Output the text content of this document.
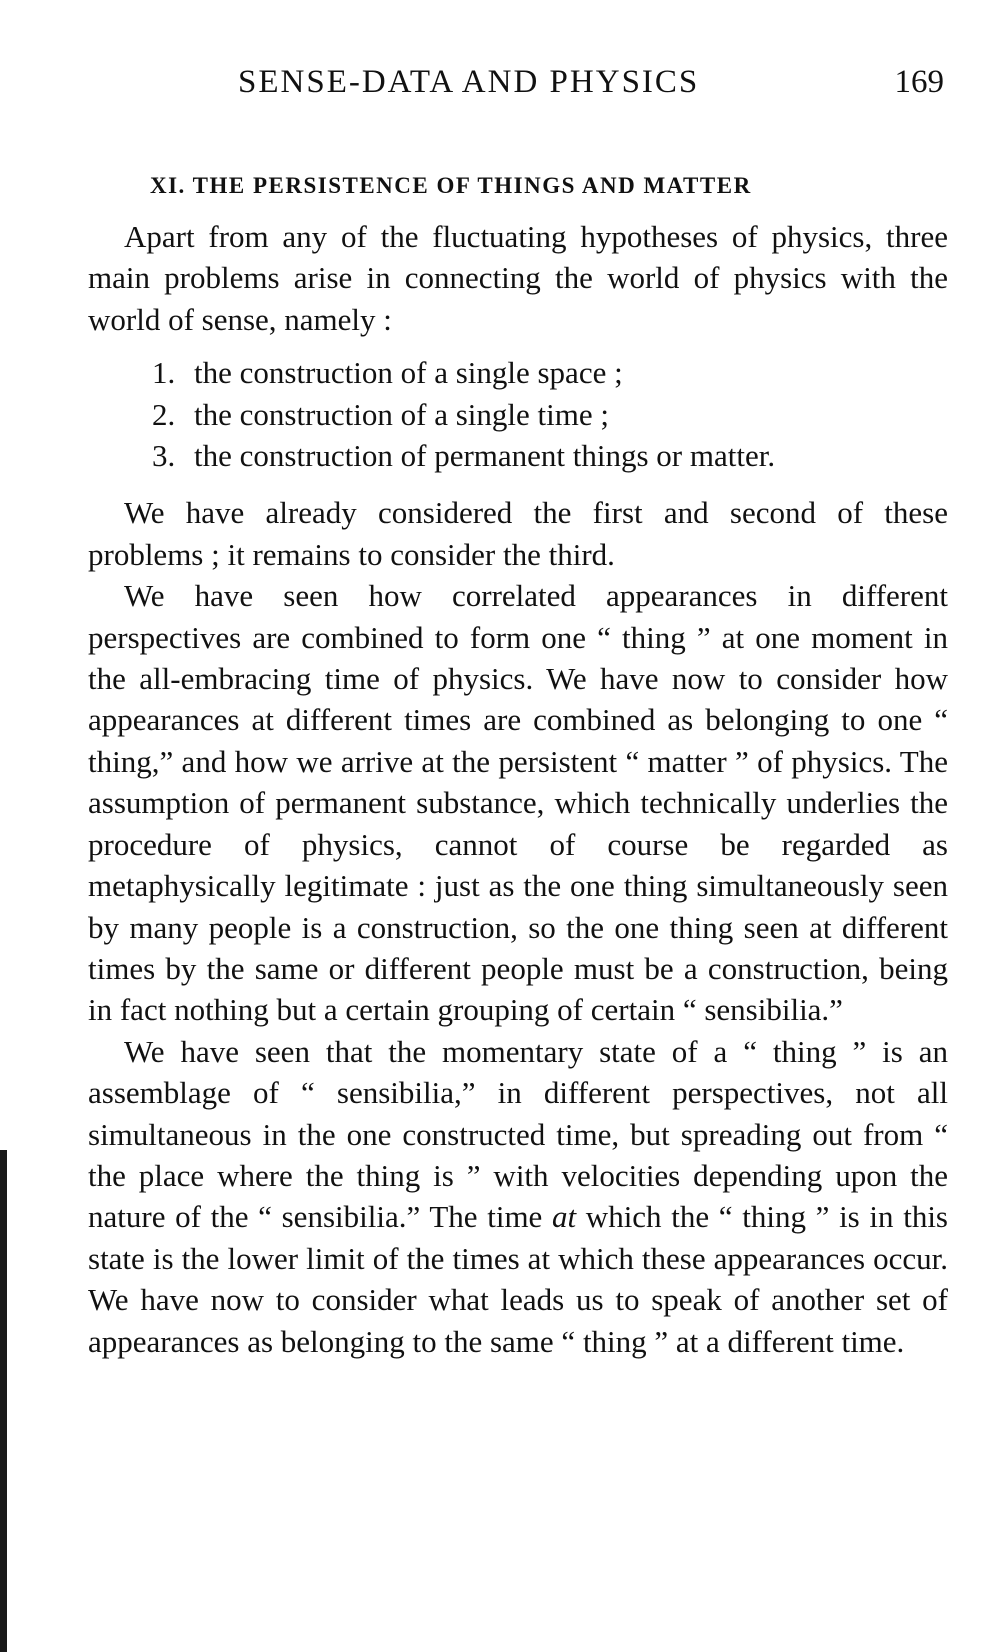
SENSE-DATA AND PHYSICS	169
XI. THE PERSISTENCE OF THINGS AND MATTER

Apart from any of the fluctuating hypotheses of physics, three main problems arise in connecting the world of physics with the world of sense, namely :

1. the construction of a single space ;
2. the construction of a single time ;
3. the construction of permanent things or matter.

We have already considered the first and second of these problems ; it remains to consider the third.

We have seen how correlated appearances in different perspectives are combined to form one “ thing ” at one moment in the all-embracing time of physics. We have now to consider how appearances at different times are combined as belonging to one “ thing,” and how we arrive at the persistent “ matter ” of physics. The assumption of permanent substance, which technically underlies the procedure of physics, cannot of course be regarded as metaphysically legitimate : just as the one thing simultaneously seen by many people is a construction, so the one thing seen at different times by the same or different people must be a construction, being in fact nothing but a certain grouping of certain “ sensibilia.”

We have seen that the momentary state of a “ thing ” is an assemblage of “ sensibilia,” in different perspectives, not all simultaneous in the one constructed time, but spreading out from “ the place where the thing is ” with velocities depending upon the nature of the “ sensibilia.” The time at which the “ thing ” is in this state is the lower limit of the times at which these appearances occur. We have now to consider what leads us to speak of another set of appearances as belonging to the same “ thing ” at a different time.
